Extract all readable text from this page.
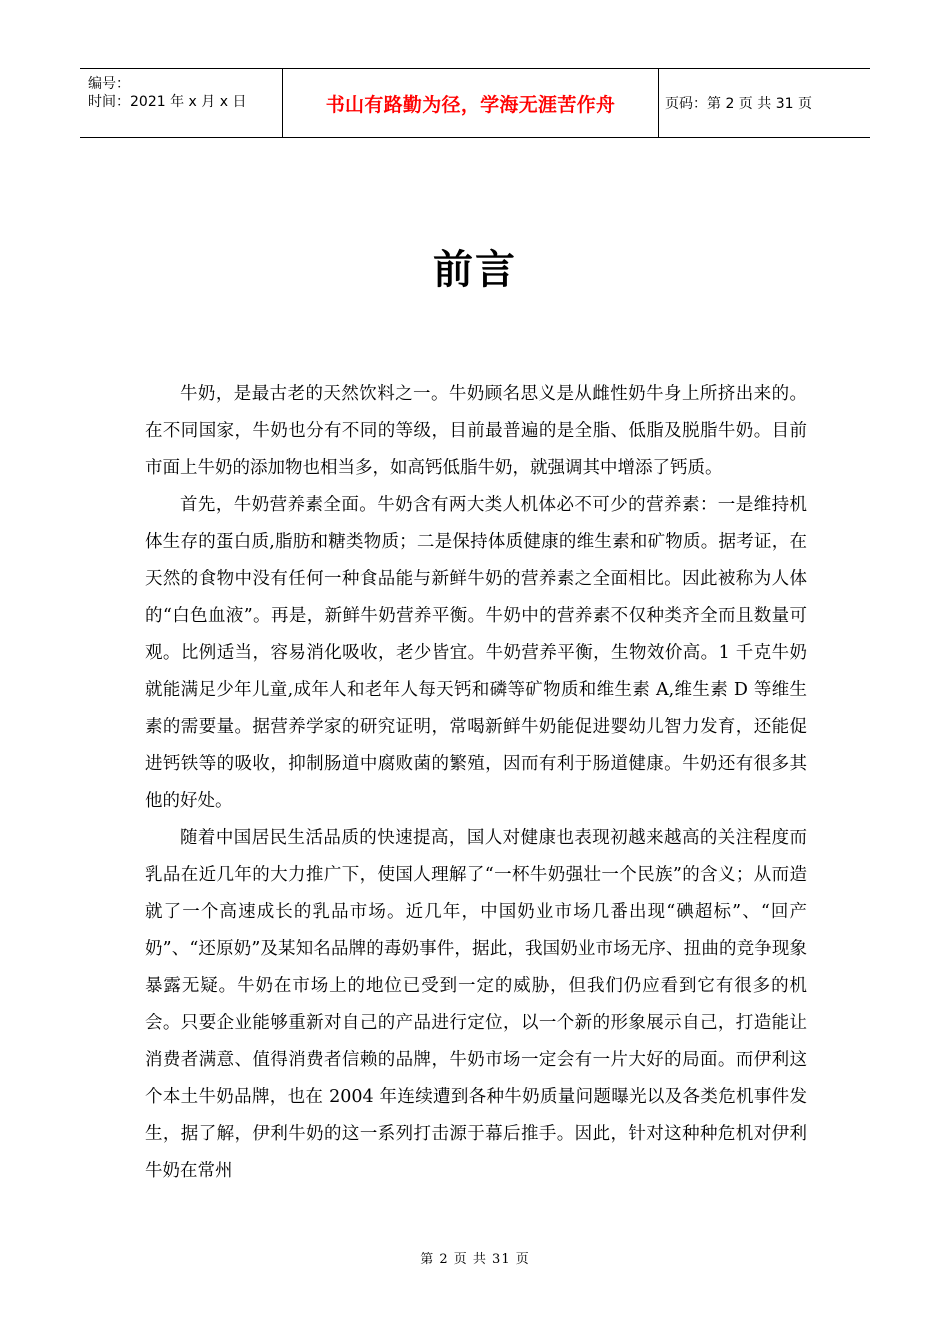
编号：
时间：2021 年 x 月 x 日	书山有路勤为径，学海无涯苦作舟	页码：第 2 页 共 31 页
前言

牛奶，是最古老的天然饮料之一。牛奶顾名思义是从雌性奶牛身上所挤出来的。在不同国家，牛奶也分有不同的等级，目前最普遍的是全脂、低脂及脱脂牛奶。目前市面上牛奶的添加物也相当多，如高钙低脂牛奶，就强调其中增添了钙质。

首先，牛奶营养素全面。牛奶含有两大类人机体必不可少的营养素：一是维持机体生存的蛋白质,脂肪和糖类物质；二是保持体质健康的维生素和矿物质。据考证，在天然的食物中没有任何一种食品能与新鲜牛奶的营养素之全面相比。因此被称为人体的“白色血液”。再是，新鲜牛奶营养平衡。牛奶中的营养素不仅种类齐全而且数量可观。比例适当，容易消化吸收，老少皆宜。牛奶营养平衡，生物效价高。1 千克牛奶就能满足少年儿童,成年人和老年人每天钙和磷等矿物质和维生素 A,维生素 D 等维生素的需要量。据营养学家的研究证明，常喝新鲜牛奶能促进婴幼儿智力发育，还能促进钙铁等的吸收，抑制肠道中腐败菌的繁殖，因而有利于肠道健康。牛奶还有很多其他的好处。

随着中国居民生活品质的快速提高，国人对健康也表现初越来越高的关注程度而乳品在近几年的大力推广下，使国人理解了“一杯牛奶强壮一个民族”的含义；从而造就了一个高速成长的乳品市场。近几年，中国奶业市场几番出现“碘超标”、“回产奶”、“还原奶”及某知名品牌的毒奶事件，据此，我国奶业市场无序、扭曲的竞争现象暴露无疑。牛奶在市场上的地位已受到一定的威胁，但我们仍应看到它有很多的机会。只要企业能够重新对自己的产品进行定位，以一个新的形象展示自己，打造能让消费者满意、值得消费者信赖的品牌，牛奶市场一定会有一片大好的局面。而伊利这个本土牛奶品牌，也在 2004 年连续遭到各种牛奶质量问题曝光以及各类危机事件发生，据了解，伊利牛奶的这一系列打击源于幕后推手。因此，针对这种种危机对伊利牛奶在常州

第 2 页 共 31 页
